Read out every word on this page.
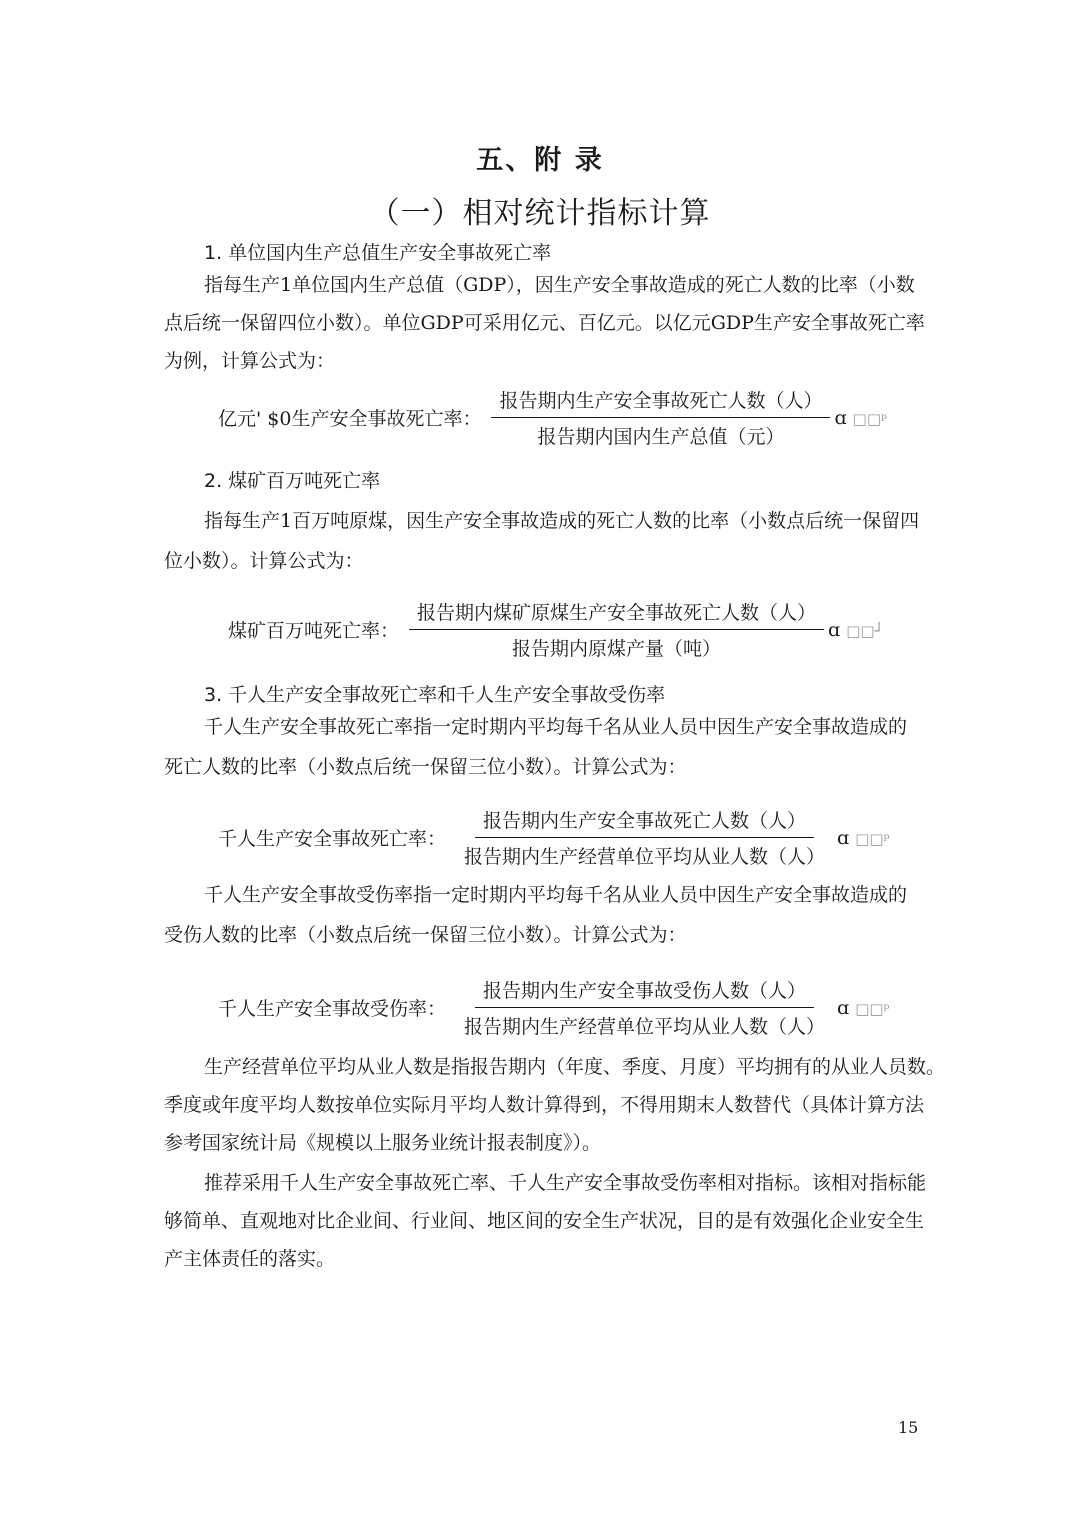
五、附 录
（一）相对统计指标计算
1. 单位国内生产总值生产安全事故死亡率
指每生产1单位国内生产总值（GDP），因生产安全事故造成的死亡人数的比率（小数
点后统一保留四位小数）。单位GDP可采用亿元、百亿元。以亿元GDP生产安全事故死亡率
为例，计算公式为：
亿元' $0生产安全事故死亡率： $\frac{\text{报告期内生产安全事故死亡人数（人）}}{\text{报告期内国内生产总值（元）}}$ ɑ □□ᵖ
2. 煤矿百万吨死亡率
指每生产1百万吨原煤，因生产安全事故造成的死亡人数的比率（小数点后统一保留四
位小数）。计算公式为：
煤矿百万吨死亡率： $\frac{\text{报告期内煤矿原煤生产安全事故死亡人数（人）}}{\text{报告期内原煤产量（吨）}}$ ɑ □□┘
3. 千人生产安全事故死亡率和千人生产安全事故受伤率
千人生产安全事故死亡率指一定时期内平均每千名从业人员中因生产安全事故造成的
死亡人数的比率（小数点后统一保留三位小数）。计算公式为：
千人生产安全事故死亡率： $\frac{\text{报告期内生产安全事故死亡人数（人）}}{\text{报告期内生产经营单位平均从业人数（人）}}$ ɑ □□ᵖ
千人生产安全事故受伤率指一定时期内平均每千名从业人员中因生产安全事故造成的
受伤人数的比率（小数点后统一保留三位小数）。计算公式为：
千人生产安全事故受伤率： $\frac{\text{报告期内生产安全事故受伤人数（人）}}{\text{报告期内生产经营单位平均从业人数（人）}}$ ɑ □□ᵖ
生产经营单位平均从业人数是指报告期内（年度、季度、月度）平均拥有的从业人员数。
季度或年度平均人数按单位实际月平均人数计算得到，不得用期末人数替代（具体计算方法
参考国家统计局《规模以上服务业统计报表制度》）。
推荐采用千人生产安全事故死亡率、千人生产安全事故受伤率相对指标。该相对指标能
够简单、直观地对比企业间、行业间、地区间的安全生产状况，目的是有效强化企业安全生
产主体责任的落实。
15
